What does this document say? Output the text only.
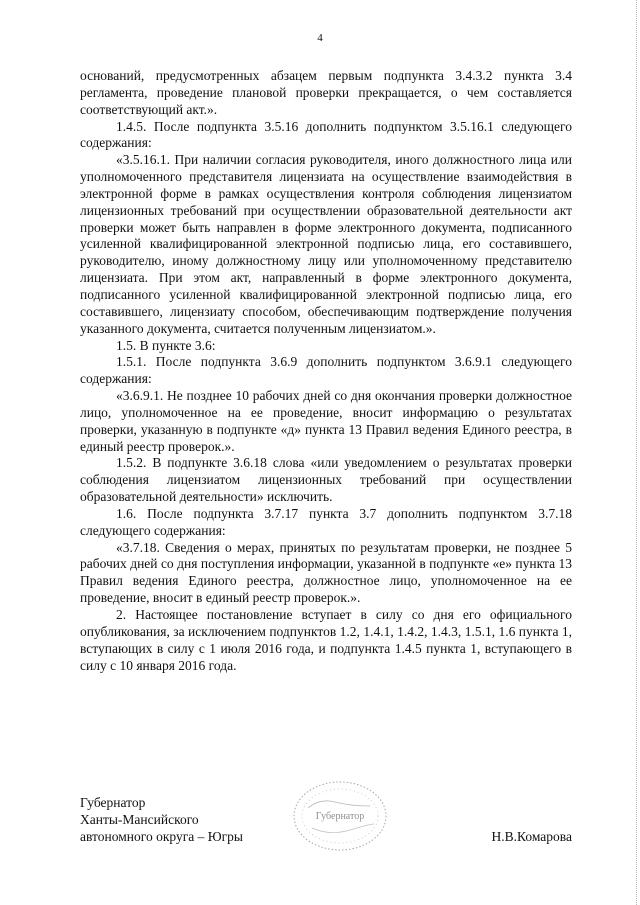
4

оснований, предусмотренных абзацем первым подпункта 3.4.3.2 пункта 3.4 регламента, проведение плановой проверки прекращается, о чем составляется соответствующий акт.».

1.4.5. После подпункта 3.5.16 дополнить подпунктом 3.5.16.1 следующего содержания:

«3.5.16.1. При наличии согласия руководителя, иного должностного лица или уполномоченного представителя лицензиата на осуществление взаимодействия в электронной форме в рамках осуществления контроля соблюдения лицензиатом лицензионных требований при осуществлении образовательной деятельности акт проверки может быть направлен в форме электронного документа, подписанного усиленной квалифицированной электронной подписью лица, его составившего, руководителю, иному должностному лицу или уполномоченному представителю лицензиата. При этом акт, направленный в форме электронного документа, подписанного усиленной квалифицированной электронной подписью лица, его составившего, лицензиату способом, обеспечивающим подтверждение получения указанного документа, считается полученным лицензиатом.».

1.5. В пункте 3.6:

1.5.1. После подпункта 3.6.9 дополнить подпунктом 3.6.9.1 следующего содержания:

«3.6.9.1. Не позднее 10 рабочих дней со дня окончания проверки должностное лицо, уполномоченное на ее проведение, вносит информацию о результатах проверки, указанную в подпункте «д» пункта 13 Правил ведения Единого реестра, в единый реестр проверок.».

1.5.2. В подпункте 3.6.18 слова «или уведомлением о результатах проверки соблюдения лицензиатом лицензионных требований при осуществлении образовательной деятельности» исключить.

1.6. После подпункта 3.7.17 пункта 3.7 дополнить подпунктом 3.7.18 следующего содержания:

«3.7.18. Сведения о мерах, принятых по результатам проверки, не позднее 5 рабочих дней со дня поступления информации, указанной в подпункте «е» пункта 13 Правил ведения Единого реестра, должностное лицо, уполномоченное на ее проведение, вносит в единый реестр проверок.».

2. Настоящее постановление вступает в силу со дня его официального опубликования, за исключением подпунктов 1.2, 1.4.1, 1.4.2, 1.4.3, 1.5.1, 1.6 пункта 1, вступающих в силу с 1 июля 2016 года, и подпункта 1.4.5 пункта 1, вступающего в силу с 10 января 2016 года.

Губернатор
Ханты-Мансийского
автономного округа – Югры	Н.В.Комарова
Губернатор
